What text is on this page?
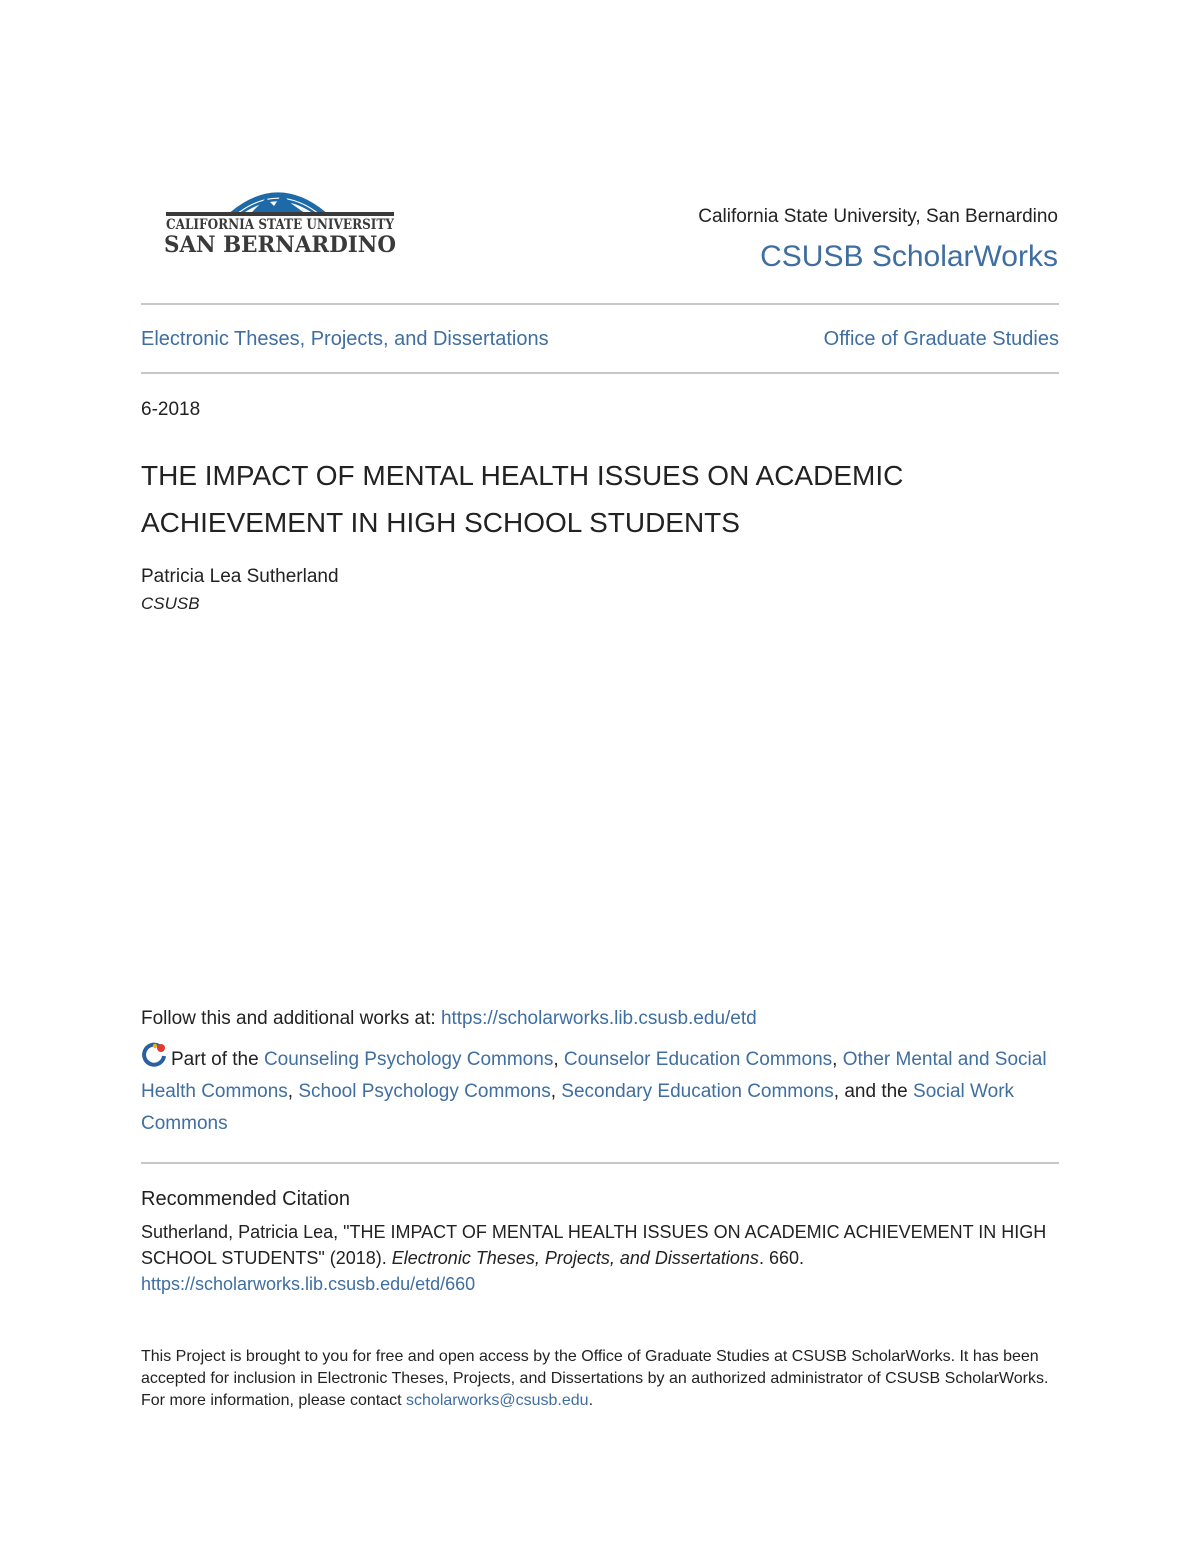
CALIFORNIA STATE UNIVERSITY
SAN BERNARDINO
California State University, San Bernardino
CSUSB ScholarWorks
Electronic Theses, Projects, and Dissertations	Office of Graduate Studies
6-2018
THE IMPACT OF MENTAL HEALTH ISSUES ON ACADEMIC ACHIEVEMENT IN HIGH SCHOOL STUDENTS
Patricia Lea Sutherland
CSUSB
Follow this and additional works at: https://scholarworks.lib.csusb.edu/etd
Part of the Counseling Psychology Commons, Counselor Education Commons, Other Mental and Social Health Commons, School Psychology Commons, Secondary Education Commons, and the Social Work Commons
Recommended Citation
Sutherland, Patricia Lea, "THE IMPACT OF MENTAL HEALTH ISSUES ON ACADEMIC ACHIEVEMENT IN HIGH SCHOOL STUDENTS" (2018). Electronic Theses, Projects, and Dissertations. 660.
https://scholarworks.lib.csusb.edu/etd/660
This Project is brought to you for free and open access by the Office of Graduate Studies at CSUSB ScholarWorks. It has been accepted for inclusion in Electronic Theses, Projects, and Dissertations by an authorized administrator of CSUSB ScholarWorks. For more information, please contact scholarworks@csusb.edu.
